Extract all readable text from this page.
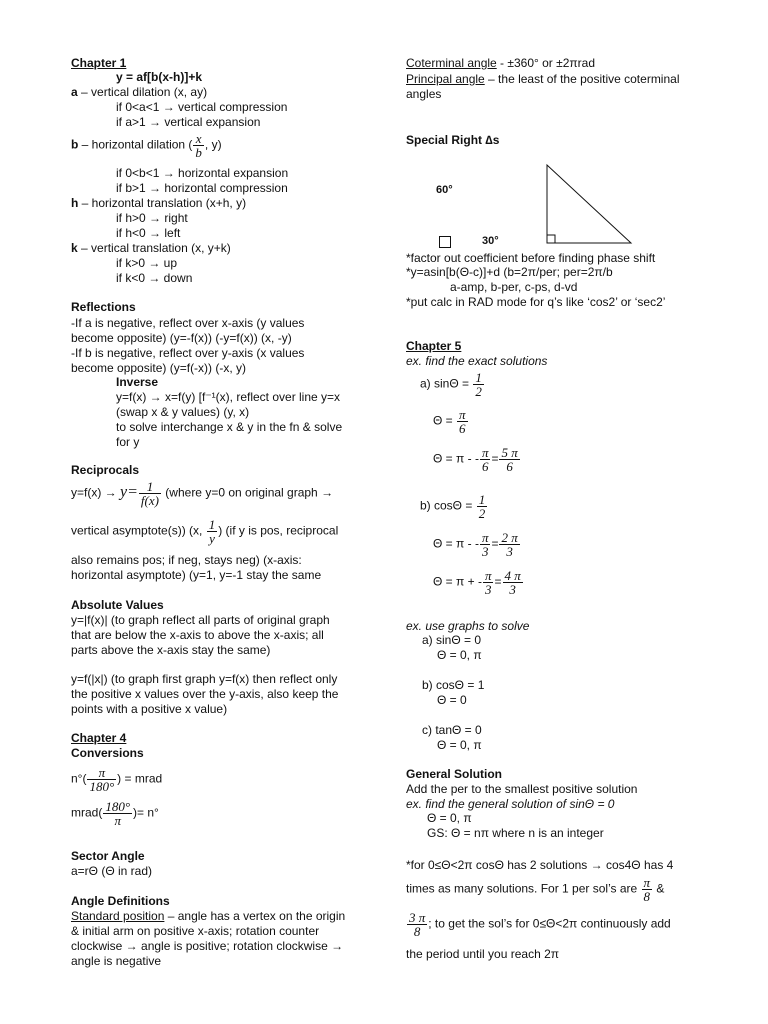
Chapter 1
y = af[b(x-h)]+k
a – vertical dilation (x, ay)
if 0<a<1 → vertical compression
if a>1 → vertical expansion
b – horizontal dilation ( $\frac{x}{b}$ , y)
if 0<b<1 → horizontal expansion
if b>1 → horizontal compression
h – horizontal translation (x+h, y)
if h>0 → right
if h<0 → left
k – vertical translation (x, y+k)
if k>0 → up
if k<0 → down
Reflections
-If a is negative, reflect over x-axis (y values
become opposite) (y=-f(x)) (-y=f(x)) (x, -y)
-If b is negative, reflect over y-axis (x values
become opposite) (y=f(-x)) (-x, y)
Inverse
y=f(x) → x=f(y) [f⁻¹(x), reflect over line y=x
(swap x & y values) (y, x)
to solve interchange x & y in the fn & solve
for y
Reciprocals
$y=f(x) \to y= \frac{1}{f(x)}$ (where y=0 on original graph →
vertical asymptote(s)) (x, $\frac{1}{y}$ ) (if y is pos, reciprocal
also remains pos; if neg, stays neg) (x-axis:
horizontal asymptote) (y=1, y=-1 stay the same
Absolute Values
y=|f(x)| (to graph reflect all parts of original graph
that are below the x-axis to above the x-axis; all
parts above the x-axis stay the same)
y=f(|x|) (to graph first graph y=f(x) then reflect only
the positive x values over the y-axis, also keep the
points with a positive x value)
Chapter 4
Conversions
$n^\circ( \frac{\pi}{180^\circ}$ ) = mrad
mrad( $\frac{180^\circ}{\pi}$ )= n°
Sector Angle
a=rΘ (Θ in rad)
Angle Definitions
Standard position – angle has a vertex on the origin
& initial arm on positive x-axis; rotation counter
clockwise → angle is positive; rotation clockwise →
angle is negative
Coterminal angle - ±360° or ±2πrad
Principal angle – the least of the positive coterminal
angles
Special Right ∆s
60°
30°
*factor out coefficient before finding phase shift
*y=asin[b(Θ-c)]+d (b=2π/per; per=2π/b
a-amp, b-per, c-ps, d-vd
*put calc in RAD mode for q’s like ‘cos2’ or ‘sec2’
Chapter 5
ex. find the exact solutions
a) $\sin\Theta = \frac{1}{2}$
$\Theta = \frac{\pi}{6}$
Θ = π - - $\frac{\pi}{6} = \frac{5 \pi}{6}$
b) $\cos\Theta = \frac{1}{2}$
Θ = π - - $\frac{\pi}{3} = \frac{2 \pi}{3}$
Θ = π + - $\frac{\pi}{3} = \frac{4 \pi}{3}$
ex. use graphs to solve
a) sinΘ = 0
Θ = 0, π
b) cosΘ = 1
Θ = 0
c) tanΘ = 0
Θ = 0, π
General Solution
Add the per to the smallest positive solution
ex. find the general solution of sinΘ = 0
Θ = 0, π
GS: Θ = nπ where n is an integer
*for 0≤Θ<2π cosΘ has 2 solutions → cos4Θ has 4
times as many solutions. For 1 per sol’s are $\frac{\pi}{8}$ &
$\frac{3 \pi}{8}$ ; to get the sol’s for 0≤Θ<2π continuously add
the period until you reach 2π
